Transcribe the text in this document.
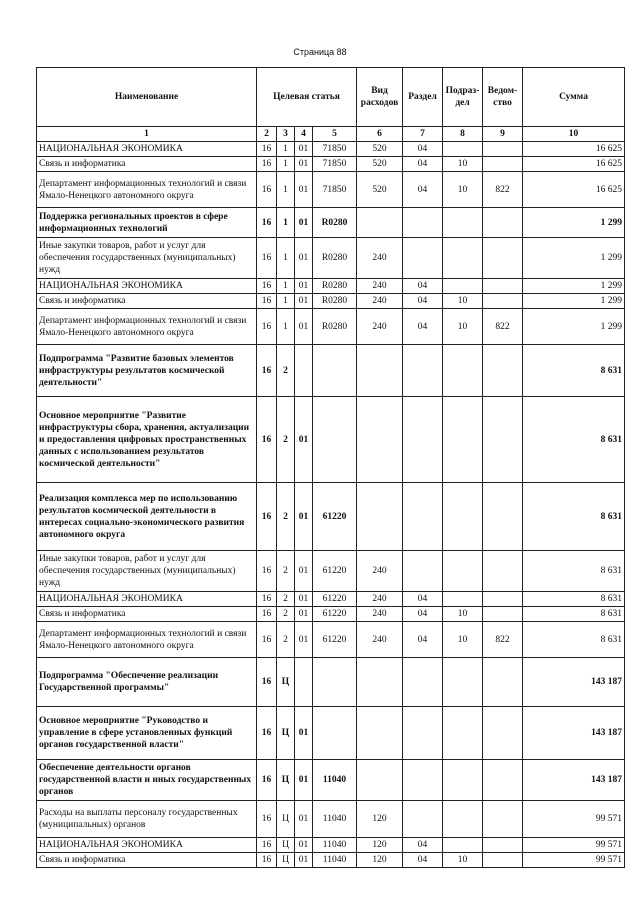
Страница 88
Наименование	Целевая статья				Вид расходов	Раздел	Подраз-дел	Ведом-ство	Сумма
1	2	3	4	5	6	7	8	9	10
НАЦИОНАЛЬНАЯ ЭКОНОМИКА	16	1	01	71850	520	04			16 625
Связь и информатика	16	1	01	71850	520	04	10		16 625
Департамент информационных технологий и связи Ямало-Ненецкого автономного округа	16	1	01	71850	520	04	10	822	16 625
Поддержка региональных проектов в сфере информационных технологий	16	1	01	R0280					1 299
Иные закупки товаров, работ и услуг для обеспечения государственных (муниципальных) нужд	16	1	01	R0280	240				1 299
НАЦИОНАЛЬНАЯ ЭКОНОМИКА	16	1	01	R0280	240	04			1 299
Связь и информатика	16	1	01	R0280	240	04	10		1 299
Департамент информационных технологий и связи Ямало-Ненецкого автономного округа	16	1	01	R0280	240	04	10	822	1 299
Подпрограмма "Развитие базовых элементов инфраструктуры результатов космической деятельности"	16	2							8 631
Основное мероприятие "Развитие инфраструктуры сбора, хранения, актуализации и предоставления цифровых пространственных данных с использованием результатов космической деятельности"	16	2	01						8 631
Реализация комплекса мер по использованию результатов космической деятельности в интересах социально-экономического развития автономного округа	16	2	01	61220					8 631
Иные закупки товаров, работ и услуг для обеспечения государственных (муниципальных) нужд	16	2	01	61220	240				8 631
НАЦИОНАЛЬНАЯ ЭКОНОМИКА	16	2	01	61220	240	04			8 631
Связь и информатика	16	2	01	61220	240	04	10		8 631
Департамент информационных технологий и связи Ямало-Ненецкого автономного округа	16	2	01	61220	240	04	10	822	8 631
Подпрограмма "Обеспечение реализации Государственной программы"	16	Ц							143 187
Основное мероприятие "Руководство и управление в сфере установленных функций органов государственной власти"	16	Ц	01						143 187
Обеспечение деятельности органов государственной власти и иных государственных органов	16	Ц	01	11040					143 187
Расходы на выплаты персоналу государственных (муниципальных) органов	16	Ц	01	11040	120				99 571
НАЦИОНАЛЬНАЯ ЭКОНОМИКА	16	Ц	01	11040	120	04			99 571
Связь и информатика	16	Ц	01	11040	120	04	10		99 571
